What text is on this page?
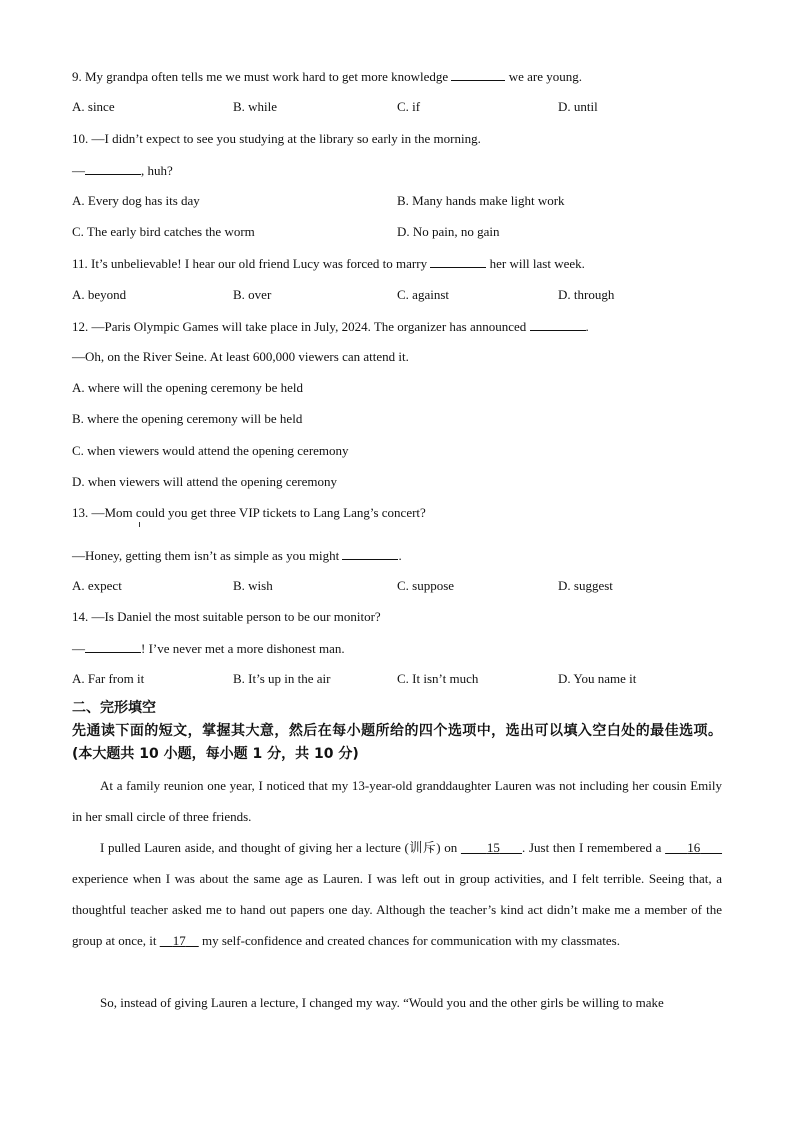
9. My grandpa often tells me we must work hard to get more knowledge	we are young.
A. since	B. while	C. if	D. until
10. —I didn’t expect to see you studying at the library so early in the morning.
—	, huh?
A. Every dog has its day	B. Many hands make light work
C. The early bird catches the worm	D. No pain, no gain
11. It’s unbelievable! I hear our old friend Lucy was forced to marry	her will last week.
A. beyond	B. over	C. against	D. through
12. —Paris Olympic Games will take place in July, 2024. The organizer has announced	.
—Oh, on the River Seine. At least 600,000 viewers can attend it.
A. where will the opening ceremony be held
B. where the opening ceremony will be held
C. when viewers would attend the opening ceremony
D. when viewers will attend the opening ceremony
13. —Mom could you get three VIP tickets to Lang Lang’s concert?
—Honey, getting them isn’t as simple as you might	.
A. expect	B. wish	C. suppose	D. suggest
14. —Is Daniel the most suitable person to be our monitor?
—	! I’ve never met a more dishonest man.
A. Far from it	B. It’s up in the air	C. It isn’t much	D. You name it
二、完形填空
先通读下面的短文，掌握其大意，然后在每小题所给的四个选项中，选出可以填入空白处的最佳选项。(本大题共 10 小题，每小题 1 分，共 10 分)
At a family reunion one year, I noticed that my 13-year-old granddaughter Lauren was not including her cousin Emily in her small circle of three friends.
I pulled Lauren aside, and thought of giving her a lecture (训斥) on 15 . Just then I remembered a 16       experience when I was about the same age as Lauren. I was left out in group activities, and I felt terrible. Seeing that, a thoughtful teacher asked me to hand out papers one day. Although the teacher’s kind act didn’t make me a member of the group at once, it 17 my self-confidence and created chances for communication with my classmates.
So, instead of giving Lauren a lecture, I changed my way. “Would you and the other girls be willing to make
